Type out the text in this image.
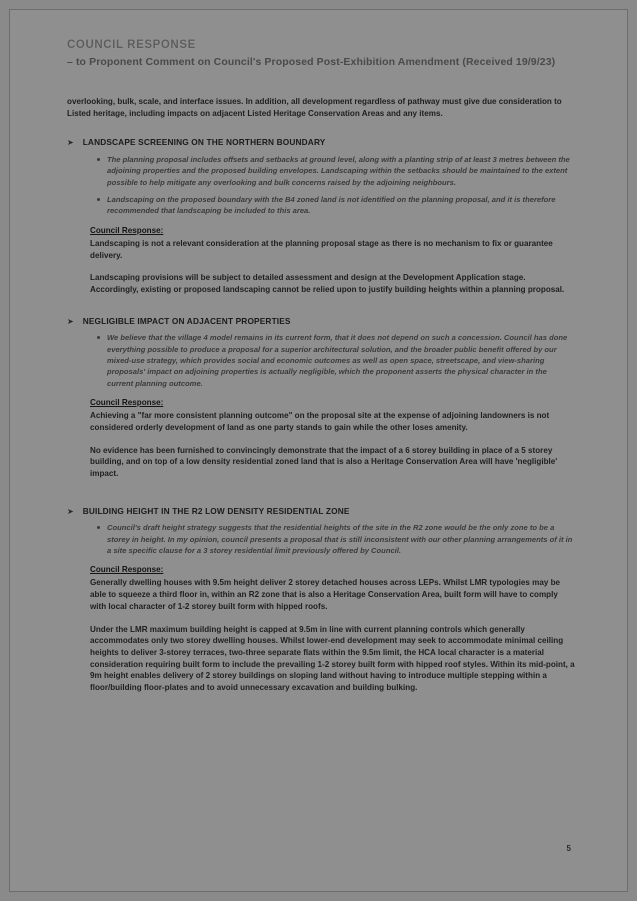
COUNCIL RESPONSE
– to Proponent Comment on Council's Proposed Post-Exhibition Amendment (Received 19/9/23)

overlooking, bulk, scale, and interface issues. In addition, all development regardless of pathway must give due consideration to Listed heritage, including impacts on adjacent Listed Heritage Conservation Areas and any items.

➤ LANDSCAPE SCREENING ON THE NORTHERN BOUNDARY
The planning proposal includes offsets and setbacks at ground level, along with a planting strip of at least 3 metres between the adjoining properties and the proposed building envelopes. Landscaping within the setbacks should be maintained to the extent possible to help mitigate any overlooking and bulk concerns raised by the adjoining neighbours.
Landscaping on the proposed boundary with the B4 zoned land is not identified on the planning proposal, and it is therefore recommended that landscaping be included to this area.
Council Response:

Landscaping is not a relevant consideration at the planning proposal stage as there is no mechanism to fix or guarantee delivery.

Landscaping provisions will be subject to detailed assessment and design at the Development Application stage. Accordingly, existing or proposed landscaping cannot be relied upon to justify building heights within a planning proposal.

➤ NEGLIGIBLE IMPACT ON ADJACENT PROPERTIES
We believe that the village 4 model remains in its current form, that it does not depend on such a concession. Council has done everything possible to produce a proposal for a superior architectural solution, and the broader public benefit offered by our mixed-use strategy, which provides social and economic outcomes as well as open space, streetscape, and view-sharing proposals' impact on adjoining properties is actually negligible, which the proponent asserts the physical character in the current planning outcome.
Council Response:

Achieving a "far more consistent planning outcome" on the proposal site at the expense of adjoining landowners is not considered orderly development of land as one party stands to gain while the other loses amenity.

No evidence has been furnished to convincingly demonstrate that the impact of a 6 storey building in place of a 5 storey building, and on top of a low density residential zoned land that is also a Heritage Conservation Area will have 'negligible' impact.

➤ BUILDING HEIGHT IN THE R2 LOW DENSITY RESIDENTIAL ZONE
Council's draft height strategy suggests that the residential heights of the site in the R2 zone would be the only zone to be a storey in height. In my opinion, council presents a proposal that is still inconsistent with our other planning arrangements of it in a site specific clause for a 3 storey residential limit previously offered by Council.
Council Response:

Generally dwelling houses with 9.5m height deliver 2 storey detached houses across LEPs. Whilst LMR typologies may be able to squeeze a third floor in, within an R2 zone that is also a Heritage Conservation Area, built form will have to comply with local character of 1-2 storey built form with hipped roofs.

Under the LMR maximum building height is capped at 9.5m in line with current planning controls which generally accommodates only two storey dwelling houses. Whilst lower-end development may seek to accommodate minimal ceiling heights to deliver 3-storey terraces, two-three separate flats within the 9.5m limit, the HCA local character is a material consideration requiring built form to include the prevailing 1-2 storey built form with hipped roof styles. Within its mid-point, a 9m height enables delivery of 2 storey buildings on sloping land without having to introduce multiple stepping within a floor/building floor-plates and to avoid unnecessary excavation and building bulking.

5
